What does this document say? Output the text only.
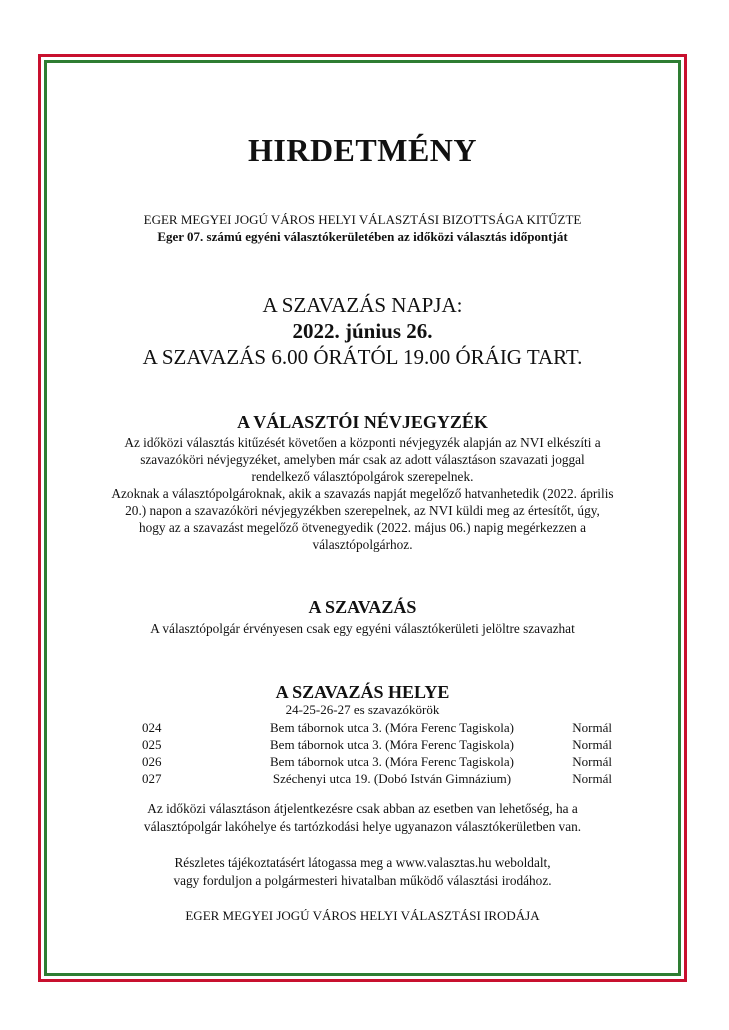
HIRDETMÉNY

EGER MEGYEI JOGÚ VÁROS HELYI VÁLASZTÁSI BIZOTTSÁGA KITŰZTE

Eger 07. számú egyéni választókerületében az időközi választás időpontját

A SZAVAZÁS NAPJA:

2022. június 26.

A SZAVAZÁS 6.00 ÓRÁTÓL 19.00 ÓRÁIG TART.

A VÁLASZTÓI NÉVJEGYZÉK

Az időközi választás kitűzését követően a központi névjegyzék alapján az NVI elkészíti a

szavazóköri névjegyzéket, amelyben már csak az adott választáson szavazati joggal

rendelkező választópolgárok szerepelnek.

Azoknak a választópolgároknak, akik a szavazás napját megelőző hatvanhetedik (2022. április

20.) napon a szavazóköri névjegyzékben szerepelnek, az NVI küldi meg az értesítőt, úgy,

hogy az a szavazást megelőző ötvenegyedik (2022. május 06.) napig megérkezzen a

választópolgárhoz.

A SZAVAZÁS

A választópolgár érvényesen csak egy egyéni választókerületi jelöltre szavazhat

A SZAVAZÁS HELYE

24-25-26-27 es szavazókörök

024	Bem tábornok utca 3. (Móra Ferenc Tagiskola)	Normál
025	Bem tábornok utca 3. (Móra Ferenc Tagiskola)	Normál
026	Bem tábornok utca 3. (Móra Ferenc Tagiskola)	Normál
027	Széchenyi utca 19. (Dobó István Gimnázium)	Normál

Az időközi választáson átjelentkezésre csak abban az esetben van lehetőség, ha a

választópolgár lakóhelye és tartózkodási helye ugyanazon választókerületben van.

Részletes tájékoztatásért látogassa meg a www.valasztas.hu weboldalt,

vagy forduljon a polgármesteri hivatalban működő választási irodához.

EGER MEGYEI JOGÚ VÁROS HELYI VÁLASZTÁSI IRODÁJA
